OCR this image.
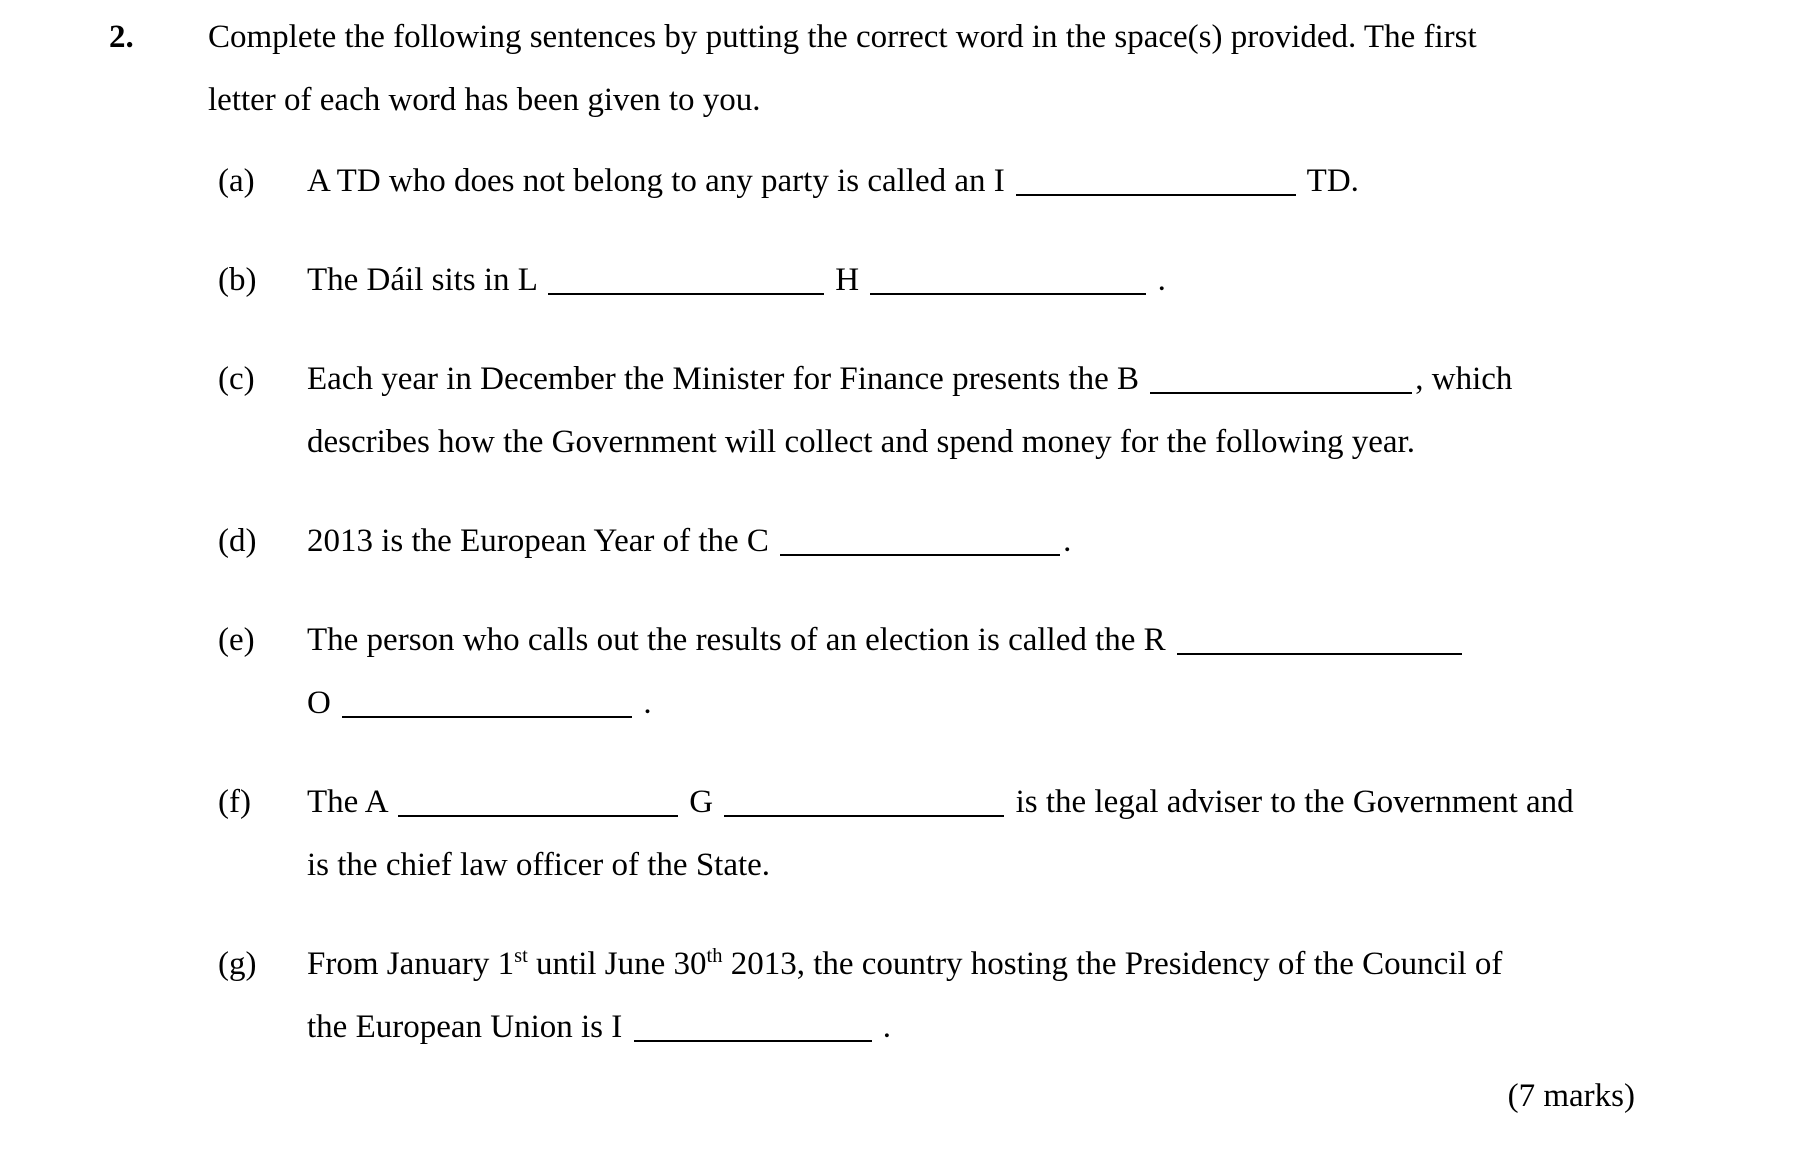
2.	Complete the following sentences by putting the correct word in the space(s) provided. The first
letter of each word has been given to you.
(a)	A TD who does not belong to any party is called an I	TD.
(b)	The Dáil sits in L	H	.
(c)	Each year in December the Minister for Finance presents the B	, which
describes how the Government will collect and spend money for the following year.
(d)	2013 is the European Year of the C	.
(e)	The person who calls out the results of an election is called the R
O	.
(f)	The A	G	is the legal adviser to the Government and
is the chief law officer of the State.
(g)	From January 1st until June 30th 2013, the country hosting the Presidency of the Council of
the European Union is I	.
(7 marks)
